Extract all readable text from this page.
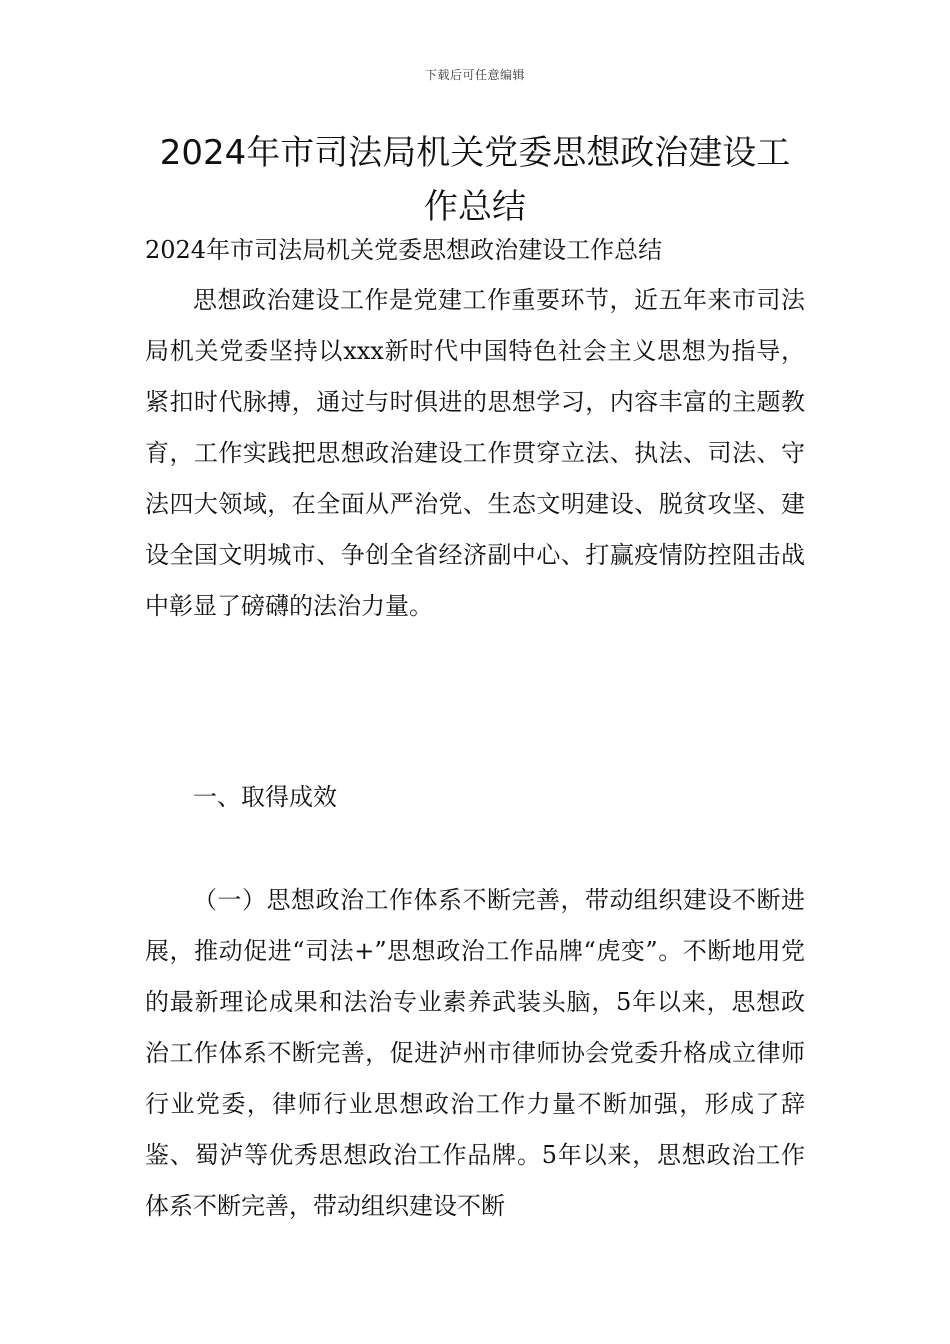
下载后可任意编辑
2024年市司法局机关党委思想政治建设工作总结

2024年市司法局机关党委思想政治建设工作总结

思想政治建设工作是党建工作重要环节，近五年来市司法局机关党委坚持以xxx新时代中国特色社会主义思想为指导，紧扣时代脉搏，通过与时俱进的思想学习，内容丰富的主题教育，工作实践把思想政治建设工作贯穿立法、执法、司法、守法四大领域，在全面从严治党、生态文明建设、脱贫攻坚、建设全国文明城市、争创全省经济副中心、打赢疫情防控阻击战中彰显了磅礴的法治力量。

一、取得成效

（一）思想政治工作体系不断完善，带动组织建设不断进展，推动促进“司法+”思想政治工作品牌“虎变”。不断地用党的最新理论成果和法治专业素养武装头脑，5年以来，思想政治工作体系不断完善，促进泸州市律师协会党委升格成立律师行业党委，律师行业思想政治工作力量不断加强，形成了辞鉴、蜀泸等优秀思想政治工作品牌。5年以来，思想政治工作体系不断完善，带动组织建设不断
